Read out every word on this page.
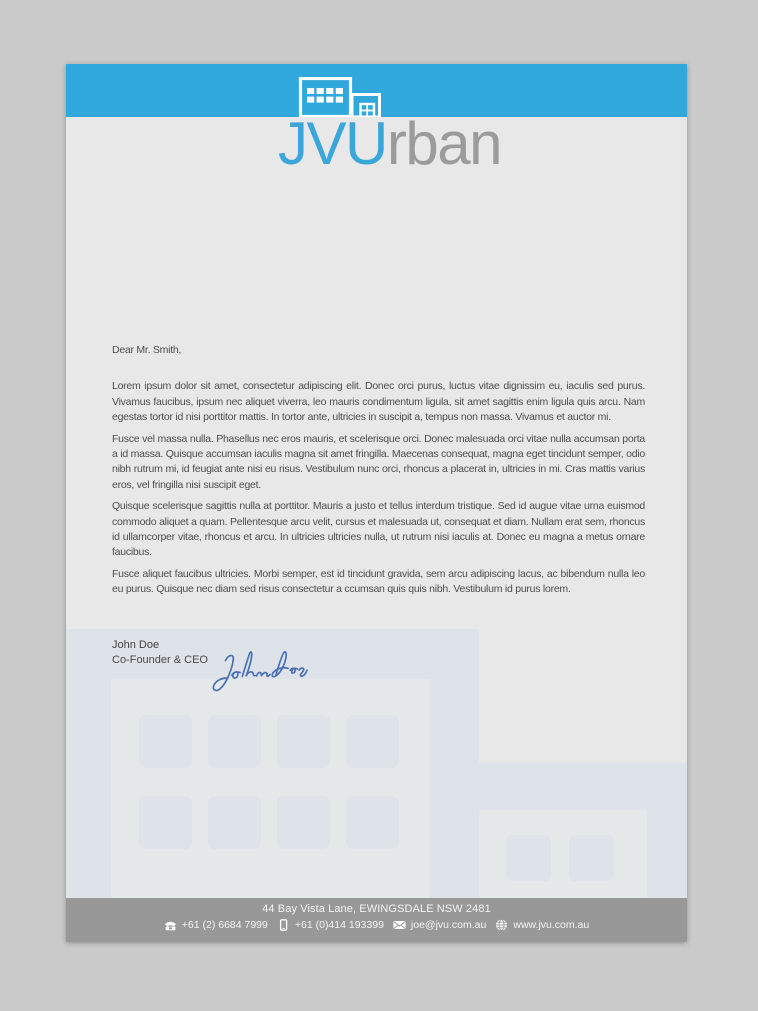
JVUrban
Dear Mr. Smith,

Lorem ipsum dolor sit amet, consectetur adipiscing elit. Donec orci purus, luctus vitae dignissim eu, iaculis sed purus. Vivamus faucibus, ipsum nec aliquet viverra, leo mauris condimentum ligula, sit amet sagittis enim ligula quis arcu. Nam egestas tortor id nisi porttitor mattis. In tortor ante, ultricies in suscipit a, tempus non massa. Vivamus et auctor mi.

Fusce vel massa nulla. Phasellus nec eros mauris, et scelerisque orci. Donec malesuada orci vitae nulla accumsan porta a id massa. Quisque accumsan iaculis magna sit amet fringilla. Maecenas consequat, magna eget tincidunt semper, odio nibh rutrum mi, id feugiat ante nisi eu risus. Vestibulum nunc orci, rhoncus a placerat in, ultricies in mi. Cras mattis varius eros, vel fringilla nisi suscipit eget.

Quisque scelerisque sagittis nulla at porttitor. Mauris a justo et tellus interdum tristique. Sed id augue vitae urna euismod commodo aliquet a quam. Pellentesque arcu velit, cursus et malesuada ut, consequat et diam. Nullam erat sem, rhoncus id ullamcorper vitae, rhoncus et arcu. In ultricies ultricies nulla, ut rutrum nisi iaculis at. Donec eu magna a metus ornare faucibus.

Fusce aliquet faucibus ultricies. Morbi semper, est id tincidunt gravida, sem arcu adipiscing lacus, ac bibendum nulla leo eu purus. Quisque nec diam sed risus consectetur a ccumsan quis quis nibh. Vestibulum id purus lorem.

John Doe
Co-Founder & CEO
44 Bay Vista Lane, EWINGSDALE NSW 2481
+61 (2) 6684 7999	+61 (0)414 193399	joe@jvu.com.au	www.jvu.com.au
